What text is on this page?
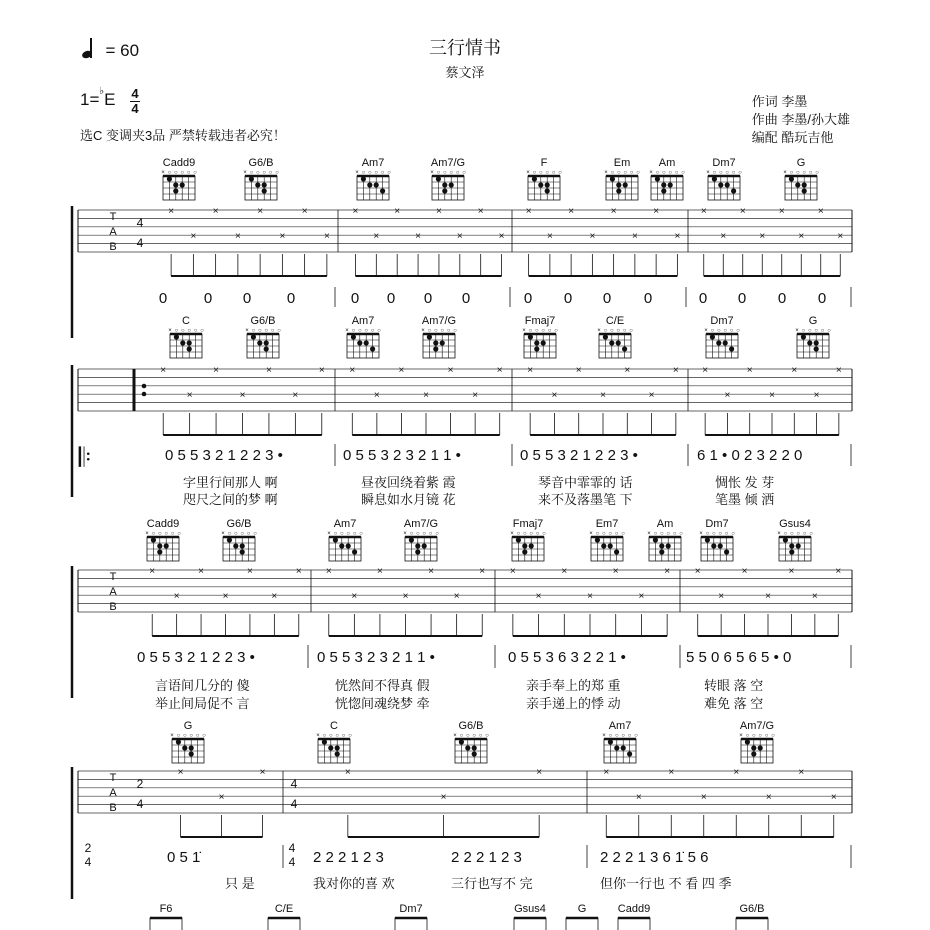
= 60	三行情书
蔡文泽
1=♭E 4
4	作词 李墨
作曲 李墨/孙大雄
编配 酷玩吉他
选C 变调夹3品 严禁转载违者必究！
Cadd9
× ○ ○ ○ ○ ○
G6/B
× ○ ○ ○ ○ ○
Am7
× ○ ○ ○ ○ ○
Am7/G
× ○ ○ ○ ○ ○
F
× ○ ○ ○ ○ ○
Em
× ○ ○ ○ ○ ○
Am
× ○ ○ ○ ○ ○
Dm7
× ○ ○ ○ ○ ○
G
× ○ ○ ○ ○ ○
T
A
B
4
4
×
×
×
×
×
×
×
×
×
×
×
×
×
×
×
×
×
×
×
×
×
×
×
×
×
×
×
×
×
×
×
×
0 0 0 0	0 0 0 0	0 0 0 0	0 0 0 0
C
× ○ ○ ○ ○ ○
G6/B
× ○ ○ ○ ○ ○
Am7
× ○ ○ ○ ○ ○
Am7/G
× ○ ○ ○ ○ ○
Fmaj7
× ○ ○ ○ ○ ○
C/E
× ○ ○ ○ ○ ○
Dm7
× ○ ○ ○ ○ ○
G
× ○ ○ ○ ○ ○
×
×
×
×
×
×
× ×
×
×
×
×
×
× ×
×
×
×
×
×
× ×
×
×
×
×
×
×
𝄆	0 5 5 3 2 1 2 2 3 •	0 5 5 3 2 3 2 1 1 •	0 5 5 3 2 1 2 2 3 •	6 1 • 0 2 3 2 2 0
字里行间那人 啊	昼夜回绕着紫 霞	琴音中霏霏的 话	惆怅 发 芽
咫尺之间的梦 啊	瞬息如水月镜 花	来不及落墨笔 下	笔墨 倾 洒
Cadd9
× ○ ○ ○ ○ ○
G6/B
× ○ ○ ○ ○ ○
Am7
× ○ ○ ○ ○ ○
Am7/G
× ○ ○ ○ ○ ○
Fmaj7
× ○ ○ ○ ○ ○
Em7
× ○ ○ ○ ○ ○
Am
× ○ ○ ○ ○ ○
Dm7
× ○ ○ ○ ○ ○
Gsus4
× ○ ○ ○ ○ ○
T
A
B
×
×
×
×
×
×
× ×
×
×
×
×
×
× ×
×
×
×
×
×
× ×
×
×
×
×
×
×
0 5 5 3 2 1 2 2 3 •	0 5 5 3 2 3 2 1 1 •	0 5 5 3 6 3 2 2 1 •	5 5 0 6 5 6 5 • 0
言语间几分的 傻	恍然间不得真 假	亲手奉上的郑 重	转眼 落 空
举止间局促不 言	恍惚间魂绕梦 牵	亲手递上的悸 动	难免 落 空
G
× ○ ○ ○ ○ ○
C
× ○ ○ ○ ○ ○
G6/B
× ○ ○ ○ ○ ○
Am7
× ○ ○ ○ ○ ○
Am7/G
× ○ ○ ○ ○ ○
T
A
B
2
4
4
4
×
×
×	×
×
×	×
×
×
×
×
×
×
×
2
4
4
4
0 5 1̇	2 2 2 1 2 3	2 2 2 1 2 3	2 2 2 1 3 6 1̇ 5 6
只 是	我对你的喜 欢	三行也写不 完	但你一行也 不 看 四 季
F6	C/E	Dm7	Gsus4	G	Cadd9	G6/B
